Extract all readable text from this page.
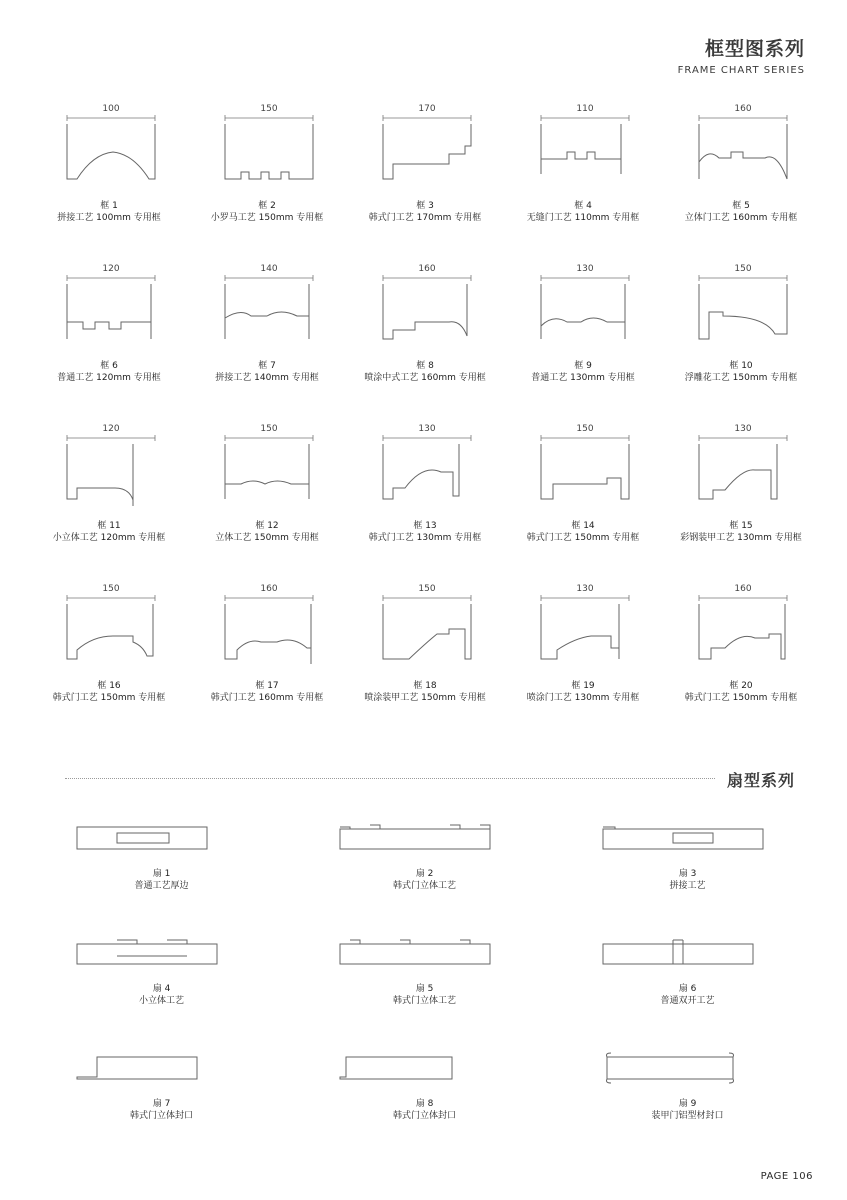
框型图系列
FRAME CHART SERIES
100
框 1
拼接工艺 100mm 专用框
150
框 2
小罗马工艺 150mm 专用框
170
框 3
韩式门工艺 170mm 专用框
110
框 4
无缝门工艺 110mm 专用框
160
框 5
立体门工艺 160mm 专用框
120
框 6
普通工艺 120mm 专用框
140
框 7
拼接工艺 140mm 专用框
160
框 8
喷涂中式工艺 160mm 专用框
130
框 9
普通工艺 130mm 专用框
150
框 10
浮雕花工艺 150mm 专用框
120
框 11
小立体工艺 120mm 专用框
150
框 12
立体工艺 150mm 专用框
130
框 13
韩式门工艺 130mm 专用框
150
框 14
韩式门工艺 150mm 专用框
130
框 15
彩钢装甲工艺 130mm 专用框
150
框 16
韩式门工艺 150mm 专用框
160
框 17
韩式门工艺 160mm 专用框
150
框 18
喷涂装甲工艺 150mm 专用框
130
框 19
喷涂门工艺 130mm 专用框
160
框 20
韩式门工艺 150mm 专用框
扇型系列
扇 1
普通工艺厚边
扇 2
韩式门立体工艺
扇 3
拼接工艺
扇 4
小立体工艺
扇 5
韩式门立体工艺
扇 6
普通双开工艺
扇 7
韩式门立体封口
扇 8
韩式门立体封口
扇 9
装甲门铝型材封口
PAGE 106
